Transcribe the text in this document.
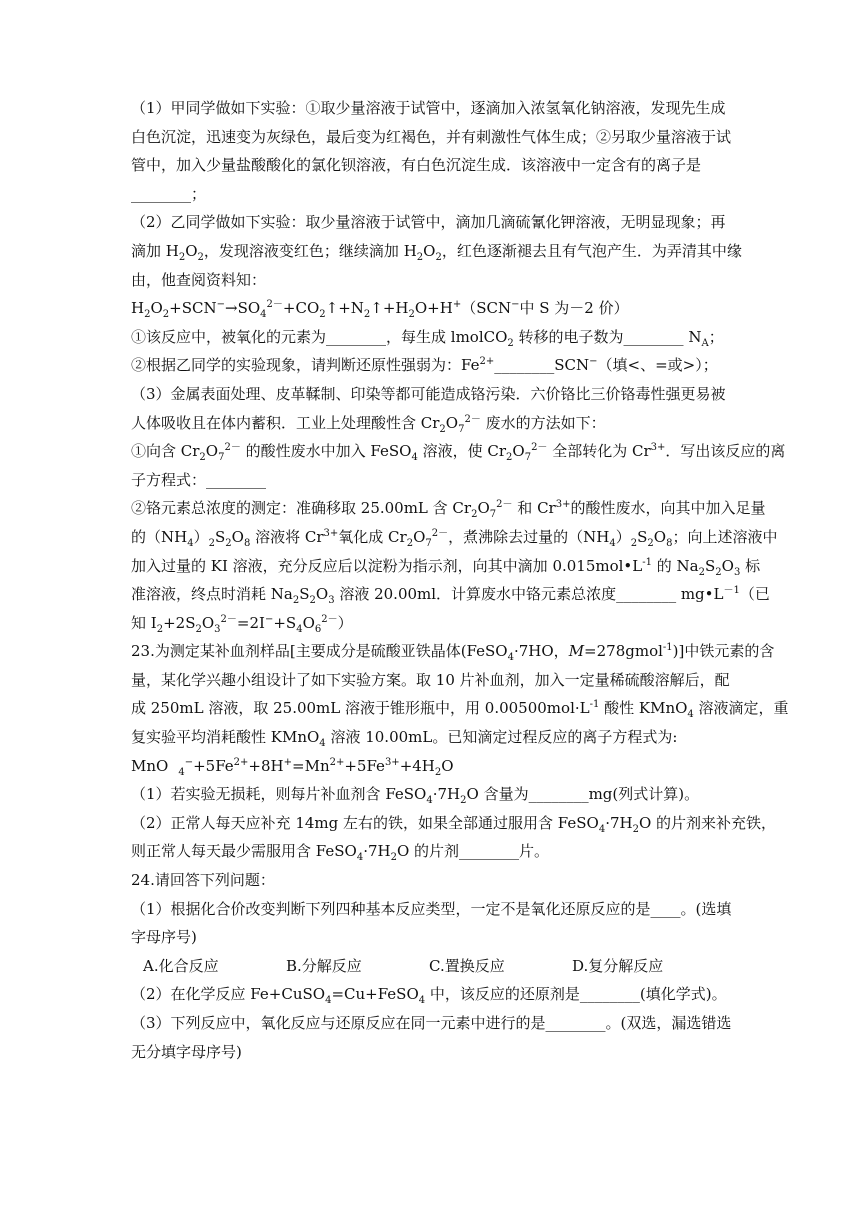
（1）甲同学做如下实验：①取少量溶液于试管中，逐滴加入浓氢氧化钠溶液，发现先生成
白色沉淀，迅速变为灰绿色，最后变为红褐色，并有刺激性气体生成；②另取少量溶液于试
管中，加入少量盐酸酸化的氯化钡溶液，有白色沉淀生成．该溶液中一定含有的离子是
________；
（2）乙同学做如下实验：取少量溶液于试管中，滴加几滴硫氰化钾溶液，无明显现象；再
滴加 $H_2O_2$，发现溶液变红色；继续滴加 $H_2O_2$，红色逐渐褪去且有气泡产生．为弄清其中缘
由，他查阅资料知：
$H_2O_2+SCN^-\to SO_4^{2-}+CO_2↑+N_2↑+H_2O+H^+(SCN^-$中 S 为－2 价）
①该反应中，被氧化的元素为________，每生成 lmolCO$_2$ 转移的电子数为________ $N_A$；
②根据乙同学的实验现象，请判断还原性强弱为：$Fe^{2+}\_\_\_\_\_\_\_\_SCN^-$（填<、=或>）；
（3）金属表面处理、皮革鞣制、印染等都可能造成铬污染．六价铬比三价铬毒性强更易被
人体吸收且在体内蓄积．工业上处理酸性含 $Cr_2O_7^{2-}$ 废水的方法如下：
①向含 $Cr_2O_7^{2-}$ 的酸性废水中加入 FeSO$_4$ 溶液，使 $Cr_2O_7^{2-}$ 全部转化为 $Cr^{3+}$．写出该反应的离
子方程式：________
②铬元素总浓度的测定：准确移取 25.00mL 含 $Cr_2O_7^{2-}$ 和 $Cr^{3+}$的酸性废水，向其中加入足量
的$(NH_4)_2S_2O_8$ 溶液将 $Cr^{3+}$氧化成 $Cr_2O_7^{2-}$，煮沸除去过量的$(NH_4)_2S_2O_8$；向上述溶液中
加入过量的 KI 溶液，充分反应后以淀粉为指示剂，向其中滴加 $0.015mol•L^{-1}$ 的 $Na_2S_2O_3$ 标
准溶液，终点时消耗 $Na_2S_2O_3$ 溶液 20.00ml．计算废水中铬元素总浓度________ $mg•L^{-1}$（已
知 $I_2+2S_2O_3^{2-}=2I^-+S_4O_6^{2-}$）
23.为测定某补血剂样品[主要成分是硫酸亚铁晶体(FeSO$_4$·7HO，M=278gmol$^{-1}$)]中铁元素的含
量，某化学兴趣小组设计了如下实验方案。取 10 片补血剂，加入一定量稀硫酸溶解后，配
成 250mL 溶液，取 25.00mL 溶液于锥形瓶中，用 $0.00500mol\cdot L^{-1}$ 酸性 KMnO$_4$ 溶液滴定，重
复实验平均消耗酸性 KMnO$_4$ 溶液 10.00mL。已知滴定过程反应的离子方程式为:
MnO $_4^-+5Fe^{2+}+8H^+=Mn^{2+}+5Fe^{3+}+4H_2O$
（1）若实验无损耗，则每片补血剂含 $FeSO_4\cdot 7H_2O$ 含量为________mg(列式计算)。
（2）正常人每天应补充 14mg 左右的铁，如果全部通过服用含 $FeSO_4\cdot 7H_2O$ 的片剂来补充铁，
则正常人每天最少需服用含 $FeSO_4\cdot 7H_2O$ 的片剂________片。
24.请回答下列问题：
（1）根据化合价改变判断下列四种基本反应类型，一定不是氧化还原反应的是____。(选填
字母序号)
A.化合反应	B.分解反应	C.置换反应	D.复分解反应
（2）在化学反应 Fe+CuSO$_4$=Cu+FeSO$_4$ 中，该反应的还原剂是________(填化学式)。
（3）下列反应中，氧化反应与还原反应在同一元素中进行的是________。(双选，漏选错选
无分填字母序号)
